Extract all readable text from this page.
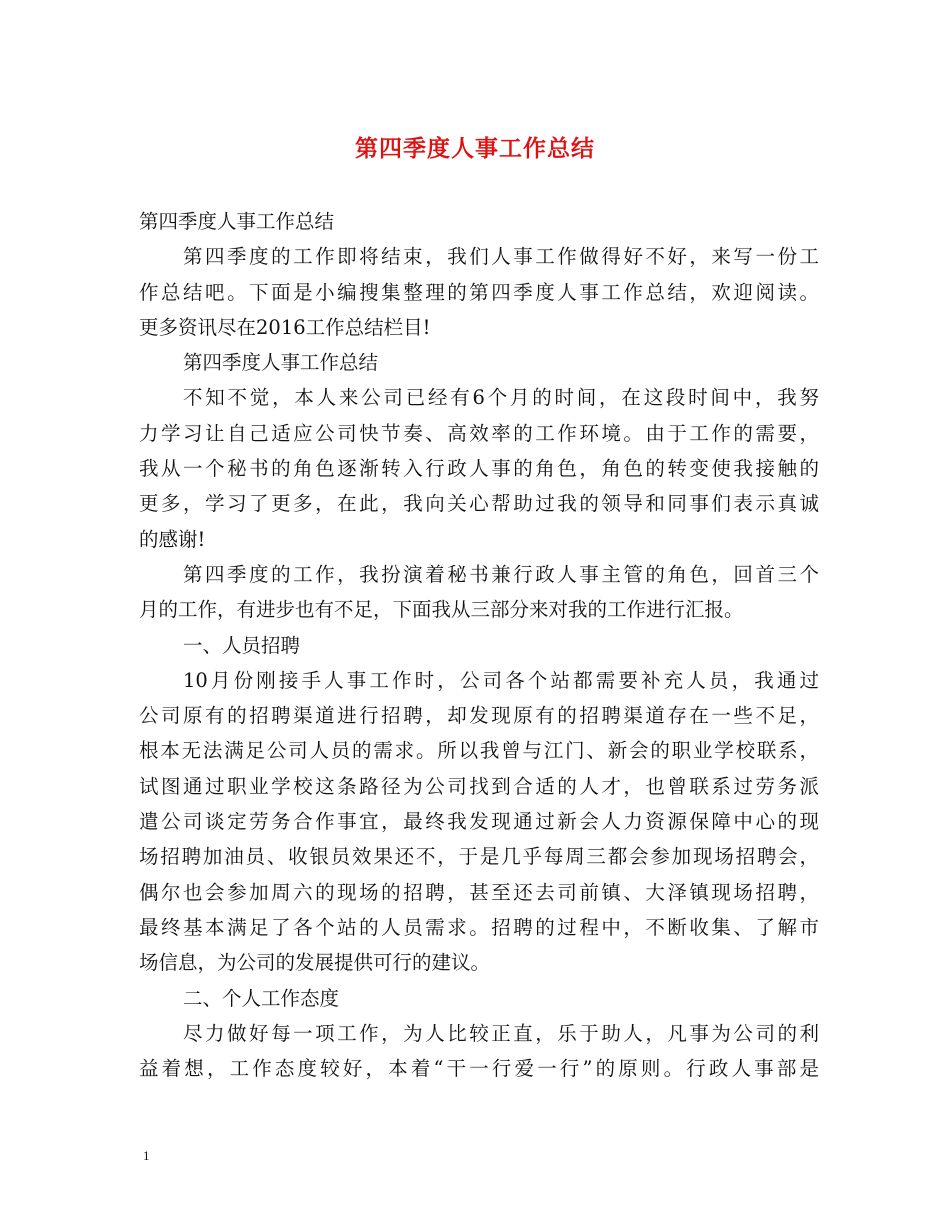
第四季度人事工作总结
第四季度人事工作总结
第四季度的工作即将结束，我们人事工作做得好不好，来写一份工
作总结吧。下面是小编搜集整理的第四季度人事工作总结，欢迎阅读。
更多资讯尽在2016工作总结栏目!
第四季度人事工作总结
不知不觉，本人来公司已经有6个月的时间，在这段时间中，我努
力学习让自己适应公司快节奏、高效率的工作环境。由于工作的需要，
我从一个秘书的角色逐渐转入行政人事的角色，角色的转变使我接触的
更多，学习了更多，在此，我向关心帮助过我的领导和同事们表示真诚
的感谢!
第四季度的工作，我扮演着秘书兼行政人事主管的角色，回首三个
月的工作，有进步也有不足，下面我从三部分来对我的工作进行汇报。
一、人员招聘
10月份刚接手人事工作时，公司各个站都需要补充人员，我通过
公司原有的招聘渠道进行招聘，却发现原有的招聘渠道存在一些不足，
根本无法满足公司人员的需求。所以我曾与江门、新会的职业学校联系，
试图通过职业学校这条路径为公司找到合适的人才，也曾联系过劳务派
遣公司谈定劳务合作事宜，最终我发现通过新会人力资源保障中心的现
场招聘加油员、收银员效果还不，于是几乎每周三都会参加现场招聘会，
偶尔也会参加周六的现场的招聘，甚至还去司前镇、大泽镇现场招聘，
最终基本满足了各个站的人员需求。招聘的过程中，不断收集、了解市
场信息，为公司的发展提供可行的建议。
二、个人工作态度
尽力做好每一项工作，为人比较正直，乐于助人，凡事为公司的利
益着想，工作态度较好，本着“干一行爱一行”的原则。行政人事部是
1
